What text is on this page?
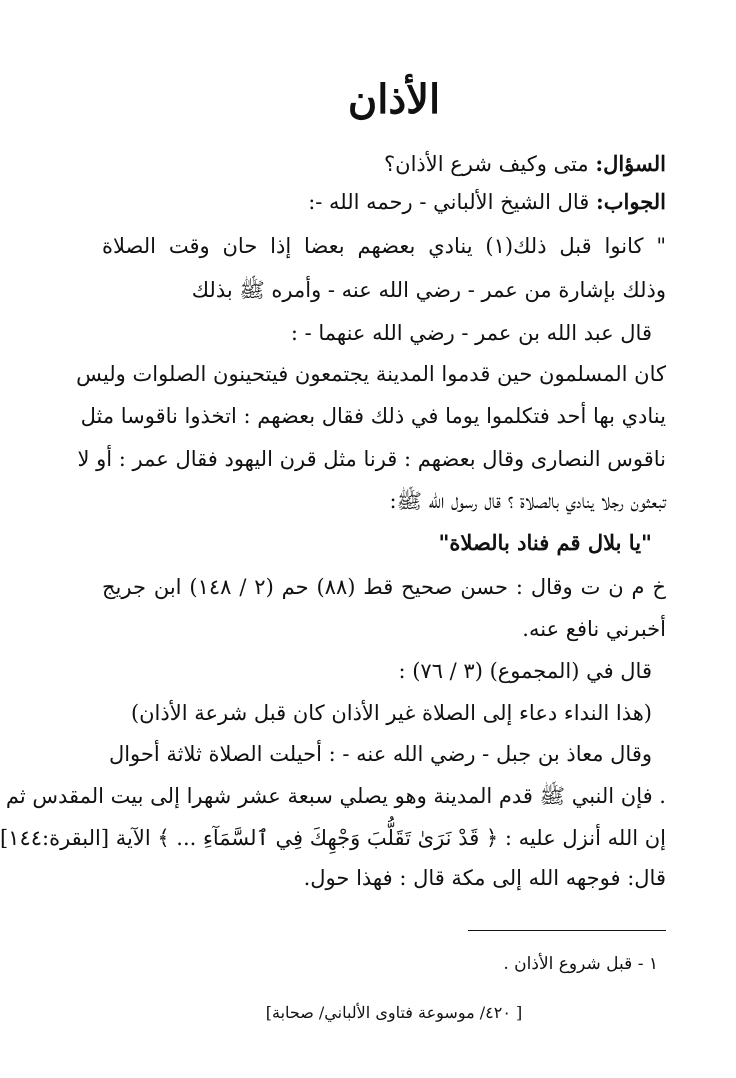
الأذان
السؤال: متى وكيف شرع الأذان؟
الجواب: قال الشيخ الألباني - رحمه الله -:
" كانوا قبل ذلك(١) ينادي بعضهم بعضا إذا حان وقت الصلاة
وذلك بإشارة من عمر - رضي الله عنه - وأمره ﷺ بذلك
قال عبد الله بن عمر - رضي الله عنهما - :
كان المسلمون حين قدموا المدينة يجتمعون فيتحينون الصلوات وليس
ينادي بها أحد فتكلموا يوما في ذلك فقال بعضهم : اتخذوا ناقوسا مثل
ناقوس النصارى وقال بعضهم : قرنا مثل قرن اليهود فقال عمر : أو لا
تبعثون رجلا ينادي بالصلاة ؟ قال رسول الله ﷺ:
"يا بلال قم فناد بالصلاة"
خ م ن ت وقال : حسن صحيح قط (٨٨) حم (٢ / ١٤٨) ابن جريج
أخبرني نافع عنه.
قال في (المجموع) (٣ / ٧٦) :
(هذا النداء دعاء إلى الصلاة غير الأذان كان قبل شرعة الأذان)
وقال معاذ بن جبل - رضي الله عنه - : أحيلت الصلاة ثلاثة أحوال
. فإن النبي ﷺ قدم المدينة وهو يصلي سبعة عشر شهرا إلى بيت المقدس ثم
إن الله أنزل عليه : ﴿ قَدْ نَرَىٰ تَقَلُّبَ وَجْهِكَ فِي ٱلسَّمَآءِ ... ﴾ الآية [البقرة:١٤٤]
قال: فوجهه الله إلى مكة قال : فهذا حول.
١ - قبل شروع الأذان .
[ ٤٢٠/ موسوعة فتاوى الألباني/ صحابة]
